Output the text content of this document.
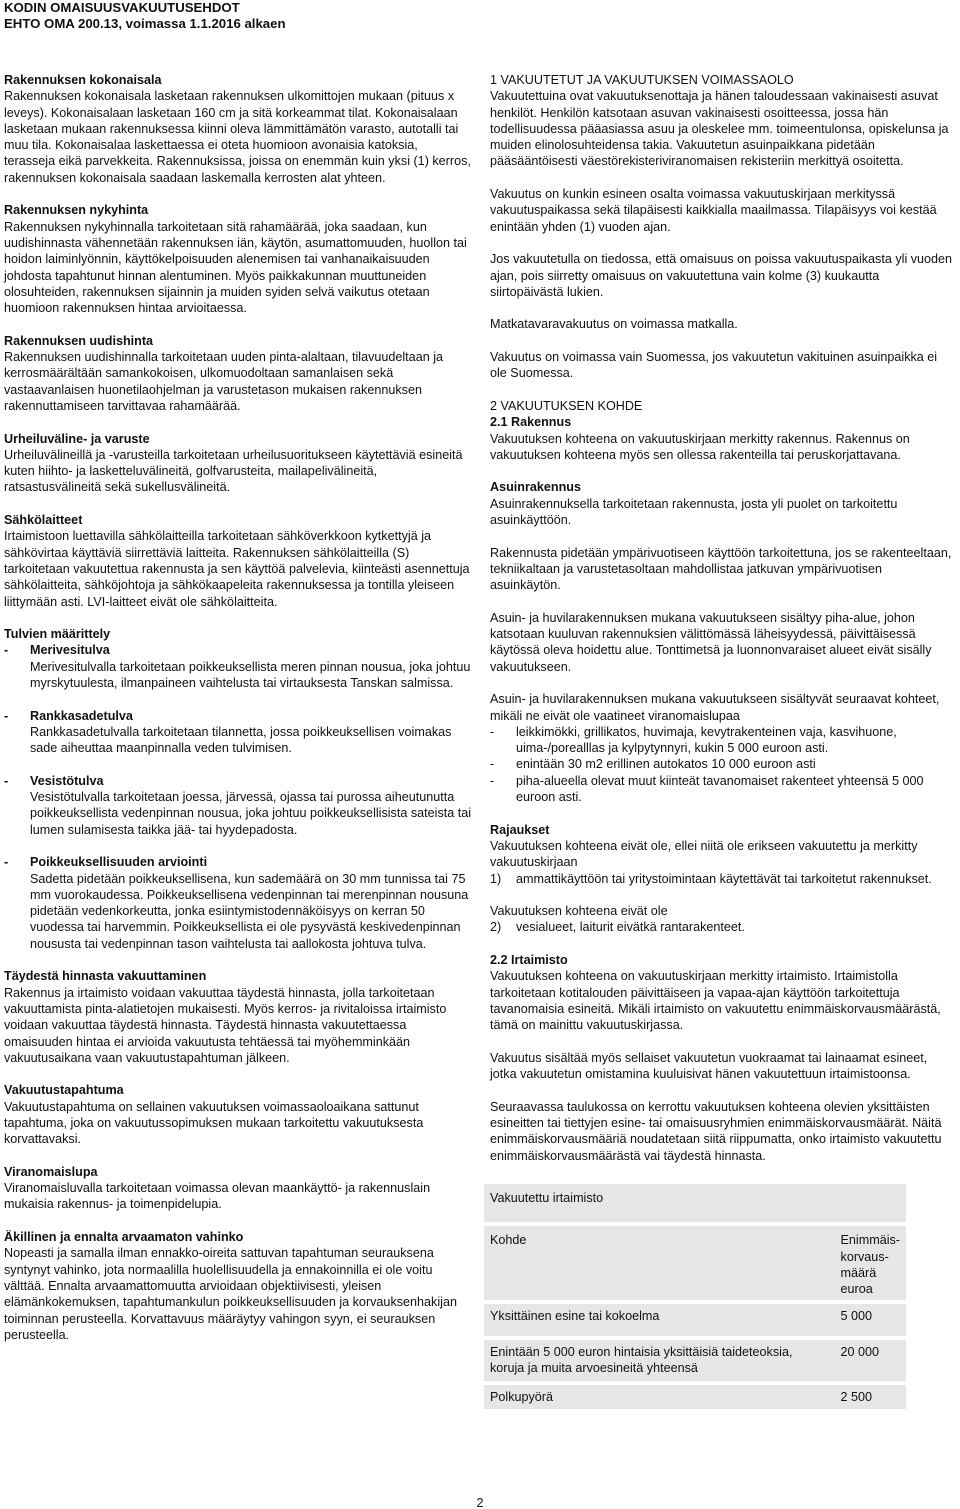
KODIN OMAISUUSVAKUUTUSEHDOT
EHTO OMA 200.13, voimassa 1.1.2016 alkaen

Rakennuksen kokonaisala

Rakennuksen kokonaisala lasketaan rakennuksen ulkomittojen mukaan (pituus x leveys). Kokonaisalaan lasketaan 160 cm ja sitä korkeammat tilat. Kokonaisalaan lasketaan mukaan rakennuksessa kiinni oleva lämmittämätön varasto, autotalli tai muu tila. Kokonaisalaa laskettaessa ei oteta huomioon avonaisia katoksia, terasseja eikä parvekkeita. Rakennuksissa, joissa on enemmän kuin yksi (1) kerros, rakennuksen kokonaisala saadaan laskemalla kerrosten alat yhteen.

Rakennuksen nykyhinta

Rakennuksen nykyhinnalla tarkoitetaan sitä rahamäärää, joka saadaan, kun uudishinnasta vähennetään rakennuksen iän, käytön, asumattomuuden, huollon tai hoidon laiminlyönnin, käyttökelpoisuuden alenemisen tai vanhanaikaisuuden johdosta tapahtunut hinnan alentuminen. Myös paikkakunnan muuttuneiden olosuhteiden, rakennuksen sijainnin ja muiden syiden selvä vaikutus otetaan huomioon rakennuksen hintaa arvioitaessa.

Rakennuksen uudishinta

Rakennuksen uudishinnalla tarkoitetaan uuden pinta-alaltaan, tilavuudeltaan ja kerrosmäärältään samankokoisen, ulkomuodoltaan samanlaisen sekä vastaavanlaisen huonetilaohjelman ja varustetason mukaisen rakennuksen rakennuttamiseen tarvittavaa rahamäärää.

Urheiluväline- ja varuste

Urheiluvälineillä ja -varusteilla tarkoitetaan urheilusuoritukseen käytettäviä esineitä kuten hiihto- ja lasketteluvälineitä, golfvarusteita, mailapelivälineitä, ratsastusvälineitä sekä sukellusvälineitä.

Sähkölaitteet

Irtaimistoon luettavilla sähkölaitteilla tarkoitetaan sähköverkkoon kytkettyjä ja sähkövirtaa käyttäviä siirrettäviä laitteita. Rakennuksen sähkölaitteilla (S) tarkoitetaan vakuutettua rakennusta ja sen käyttöä palvelevia, kiinteästi asennettuja sähkölaitteita, sähköjohtoja ja sähkökaapeleita rakennuksessa ja tontilla yleiseen liittymään asti. LVI-laitteet eivät ole sähkölaitteita.

Tulvien määrittely

-	Merivesitulva

Merivesitulvalla tarkoitetaan poikkeuksellista meren pinnan nousua, joka johtuu myrskytuulesta, ilmanpaineen vaihtelusta tai virtauksesta Tanskan salmissa.

-	Rankkasadetulva

Rankkasadetulvalla tarkoitetaan tilannetta, jossa poikkeuksellisen voimakas sade aiheuttaa maanpinnalla veden tulvimisen.

-	Vesistötulva

Vesistötulvalla tarkoitetaan joessa, järvessä, ojassa tai purossa aiheutunutta poikkeuksellista vedenpinnan nousua, joka johtuu poikkeuksellisista sateista tai lumen sulamisesta taikka jää- tai hyydepadosta.

-	Poikkeuksellisuuden arviointi

Sadetta pidetään poikkeuksellisena, kun sademäärä on 30 mm tunnissa tai 75 mm vuorokaudessa. Poikkeuksellisena vedenpinnan tai merenpinnan nousuna pidetään vedenkorkeutta, jonka esiintymistodennäköisyys on kerran 50 vuodessa tai harvemmin. Poikkeuksellista ei ole pysyvästä keskivedenpinnan noususta tai vedenpinnan tason vaihtelusta tai aallokosta johtuva tulva.

Täydestä hinnasta vakuuttaminen

Rakennus ja irtaimisto voidaan vakuuttaa täydestä hinnasta, jolla tarkoitetaan vakuuttamista pinta-alatietojen mukaisesti. Myös kerros- ja rivitaloissa irtaimisto voidaan vakuuttaa täydestä hinnasta. Täydestä hinnasta vakuutettaessa omaisuuden hintaa ei arvioida vakuutusta tehtäessä tai myöhemminkään vakuutusaikana vaan vakuutustapahtuman jälkeen.

Vakuutustapahtuma

Vakuutustapahtuma on sellainen vakuutuksen voimassaoloaikana sattunut tapahtuma, joka on vakuutussopimuksen mukaan tarkoitettu vakuutuksesta korvattavaksi.

Viranomaislupa

Viranomaisluvalla tarkoitetaan voimassa olevan maankäyttö- ja rakennuslain mukaisia rakennus- ja toimenpidelupia.

Äkillinen ja ennalta arvaamaton vahinko

Nopeasti ja samalla ilman ennakko-oireita sattuvan tapahtuman seurauksena syntynyt vahinko, jota normaalilla huolellisuudella ja ennakoinnilla ei ole voitu välttää. Ennalta arvaamattomuutta arvioidaan objektiivisesti, yleisen elämänkokemuksen, tapahtumankulun poikkeuksellisuuden ja korvauksenhakijan toiminnan perusteella. Korvattavuus määräytyy vahingon syyn, ei seurauksen perusteella.

1 VAKUUTETUT JA VAKUUTUKSEN VOIMASSAOLO

Vakuutettuina ovat vakuutuksenottaja ja hänen taloudessaan vakinaisesti asuvat henkilöt. Henkilön katsotaan asuvan vakinaisesti osoitteessa, jossa hän todellisuudessa pääasiassa asuu ja oleskelee mm. toimeentulonsa, opiskelunsa ja muiden elinolosuhteidensa takia. Vakuutetun asuinpaikkana pidetään pääsääntöisesti väestörekisteriviranomaisen rekisteriin merkittyä osoitetta.

Vakuutus on kunkin esineen osalta voimassa vakuutuskirjaan merkityssä vakuutuspaikassa sekä tilapäisesti kaikkialla maailmassa. Tilapäisyys voi kestää enintään yhden (1) vuoden ajan.

Jos vakuutetulla on tiedossa, että omaisuus on poissa vakuutuspaikasta yli vuoden ajan, pois siirretty omaisuus on vakuutettuna vain kolme (3) kuukautta siirtopäivästä lukien.

Matkatavaravakuutus on voimassa matkalla.

Vakuutus on voimassa vain Suomessa, jos vakuutetun vakituinen asuinpaikka ei ole Suomessa.

2 VAKUUTUKSEN KOHDE

2.1 Rakennus

Vakuutuksen kohteena on vakuutuskirjaan merkitty rakennus. Rakennus on vakuutuksen kohteena myös sen ollessa rakenteilla tai peruskorjattavana.

Asuinrakennus

Asuinrakennuksella tarkoitetaan rakennusta, josta yli puolet on tarkoitettu asuinkäyttöön.

Rakennusta pidetään ympärivuotiseen käyttöön tarkoitettuna, jos se rakenteeltaan, tekniikaltaan ja varustetasoltaan mahdollistaa jatkuvan ympärivuotisen asuinkäytön.

Asuin- ja huvilarakennuksen mukana vakuutukseen sisältyy piha-alue, johon katsotaan kuuluvan rakennuksien välittömässä läheisyydessä, päivittäisessä käytössä oleva hoidettu alue. Tonttimetsä ja luonnonvaraiset alueet eivät sisälly vakuutukseen.

Asuin- ja huvilarakennuksen mukana vakuutukseen sisältyvät seuraavat kohteet, mikäli ne eivät ole vaatineet viranomaislupaa

-	leikkimökki, grillikatos, huvimaja, kevytrakenteinen vaja, kasvihuone, uima-/porealllas ja kylpytynnyri, kukin 5 000 euroon asti.
-	enintään 30 m2 erillinen autokatos 10 000 euroon asti
-	piha-alueella olevat muut kiinteät tavanomaiset rakenteet yhteensä 5 000 euroon asti.

Rajaukset

Vakuutuksen kohteena eivät ole, ellei niitä ole erikseen vakuutettu ja merkitty vakuutuskirjaan

1)	ammattikäyttöön tai yritystoimintaan käytettävät tai tarkoitetut rakennukset.

Vakuutuksen kohteena eivät ole

2)	vesialueet, laiturit eivätkä rantarakenteet.

2.2 Irtaimisto

Vakuutuksen kohteena on vakuutuskirjaan merkitty irtaimisto. Irtaimistolla tarkoitetaan kotitalouden päivittäiseen ja vapaa-ajan käyttöön tarkoitettuja tavanomaisia esineitä. Mikäli irtaimisto on vakuutettu enimmäiskorvausmäärästä, tämä on mainittu vakuutuskirjassa.

Vakuutus sisältää myös sellaiset vakuutetun vuokraamat tai lainaamat esineet, jotka vakuutetun omistamina kuuluisivat hänen vakuutettuun irtaimistoonsa.

Seuraavassa taulukossa on kerrottu vakuutuksen kohteena olevien yksittäisten esineitten tai tiettyjen esine- tai omaisuusryhmien enimmäiskorvausmäärät. Näitä enimmäiskorvausmääriä noudatetaan siitä riippumatta, onko irtaimisto vakuutettu enimmäiskorvausmäärästä vai täydestä hinnasta.

Vakuutettu irtaimisto	
Kohde	Enimmäis-korvaus-määrä euroa
Yksittäinen esine tai kokoelma	5 000
Enintään 5 000 euron hintaisia yksittäisiä taideteoksia, koruja ja muita arvoesineitä yhteensä	20 000
Polkupyörä	2 500
2
